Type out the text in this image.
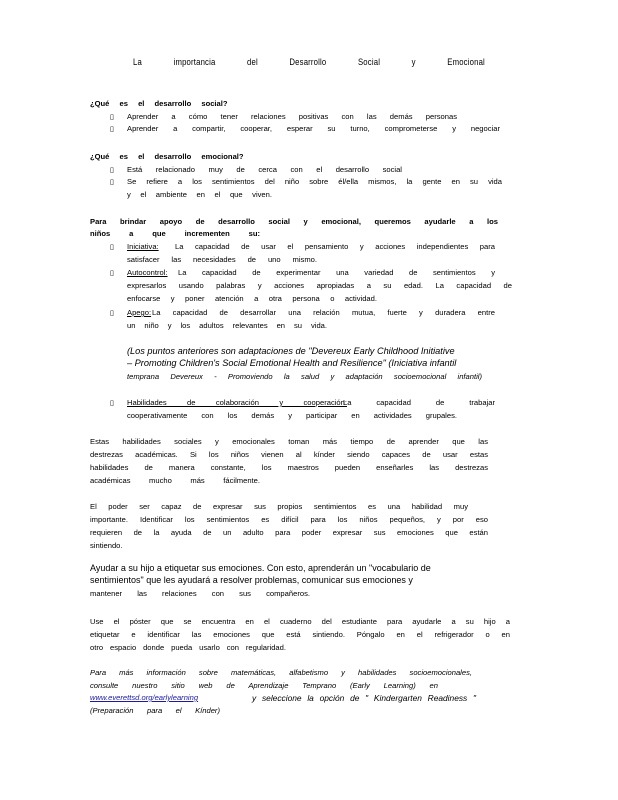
La importancia del Desarrollo Social y Emocional
¿Qué es el desarrollo social?
▯ Aprender a cómo tener relaciones positivas con las demás personas
▯ Aprender a compartir, cooperar, esperar su turno, comprometerse y negociar
¿Qué es el desarrollo emocional?
▯ Está relacionado muy de cerca con el desarrollo social
▯ Se refiere a los sentimientos del niño sobre él/ella mismos, la gente en su vida
y el ambiente en el que viven.
Para brindar apoyo de desarrollo social y emocional, queremos ayudarle a los
niños a que incrementen su:
▯ Iniciativa: La capacidad de usar el pensamiento y acciones independientes para
satisfacer las necesidades de uno mismo.
▯ Autocontrol: La capacidad de experimentar una variedad de sentimientos y
expresarlos usando palabras y acciones apropiadas a su edad. La capacidad de
enfocarse y poner atención a otra persona o actividad.
▯ Apego: La capacidad de desarrollar una relación mutua, fuerte y duradera entre
un niño y los adultos relevantes en su vida.
(Los puntos anteriores son adaptaciones de "Devereux Early Childhood Initiative
– Promoting Children's Social Emotional Health and Resilience" (Iniciativa infantil
temprana Devereux - Promoviendo la salud y adaptación socioemocional infantil)
▯ Habilidades de colaboración y cooperación:
La capacidad de trabajar
cooperativamente con los demás y participar en actividades grupales.
Estas habilidades sociales y emocionales toman más tiempo de aprender que las
destrezas académicas. Si los niños vienen al kínder siendo capaces de usar estas
habilidades de manera constante, los maestros pueden enseñarles las destrezas
académicas mucho más fácilmente.
El poder ser capaz de expresar sus propios sentimientos es una habilidad muy
importante. Identificar los sentimientos es difícil para los niños pequeños, y por eso
requieren de la ayuda de un adulto para poder expresar sus emociones que están
sintiendo.
Ayudar a su hijo a etiquetar sus emociones. Con esto, aprenderán un "vocabulario de
sentimientos" que les ayudará a resolver problemas, comunicar sus emociones y
mantener las relaciones con sus compañeros.
Use el póster que se encuentra en el cuaderno del estudiante para ayudarle a su hijo a
etiquetar e identificar las emociones que está sintiendo. Póngalo en el refrigerador o en
otro espacio donde pueda usarlo con regularidad.
Para más información sobre matemáticas, alfabetismo y habilidades socioemocionales,
consulte nuestro sitio web de Aprendizaje Temprano (Early Learning) en
www.everettsd.org/earlylearning	y seleccione la opción de " Kindergarten Readiness "
(Preparación para el Kínder)
